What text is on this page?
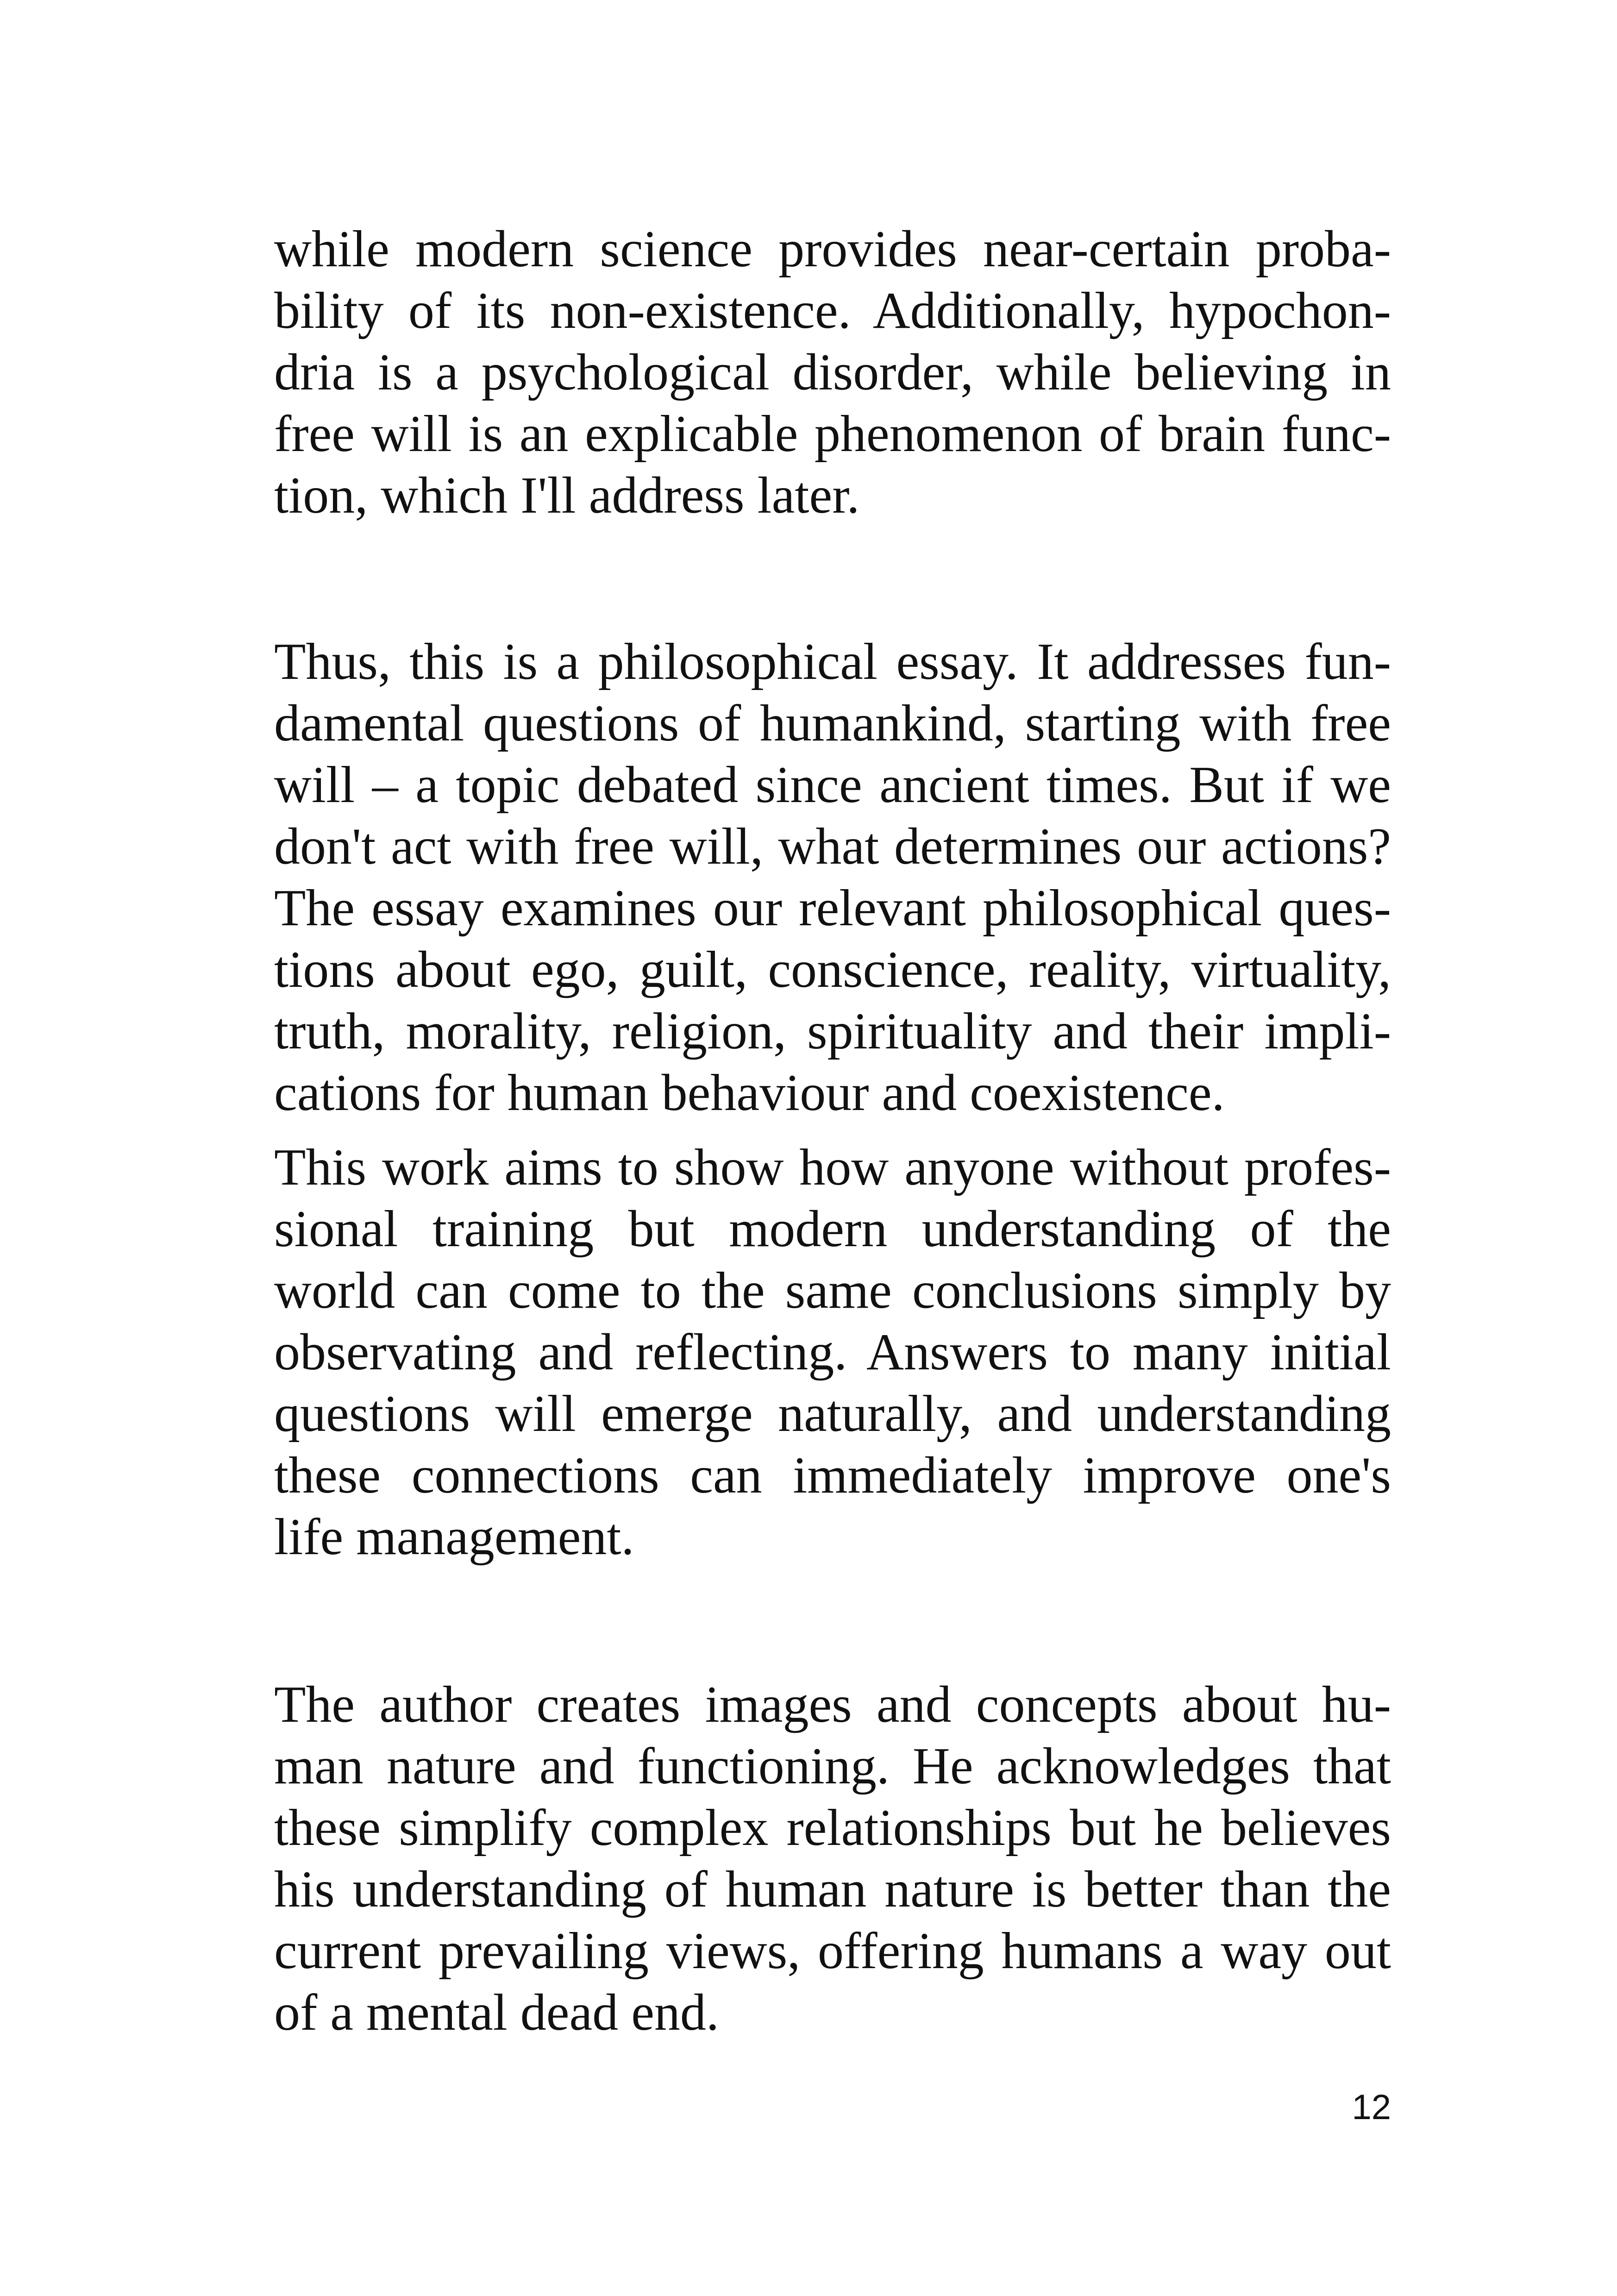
while modern science provides near-certain proba-
bility of its non-existence. Additionally, hypochon-
dria is a psychological disorder, while believing in
free will is an explicable phenomenon of brain func-
tion, which I'll address later.
Thus, this is a philosophical essay. It addresses fun-
damental questions of humankind, starting with free
will – a topic debated since ancient times. But if we
don't act with free will, what determines our actions?
The essay examines our relevant philosophical ques-
tions about ego, guilt, conscience, reality, virtuality,
truth, morality, religion, spirituality and their impli-
cations for human behaviour and coexistence.
This work aims to show how anyone without profes-
sional training but modern understanding of the
world can come to the same conclusions simply by
observating and reflecting. Answers to many initial
questions will emerge naturally, and understanding
these connections can immediately improve one's
life management.
The author creates images and concepts about hu-
man nature and functioning. He acknowledges that
these simplify complex relationships but he believes
his understanding of human nature is better than the
current prevailing views, offering humans a way out
of a mental dead end.
12
